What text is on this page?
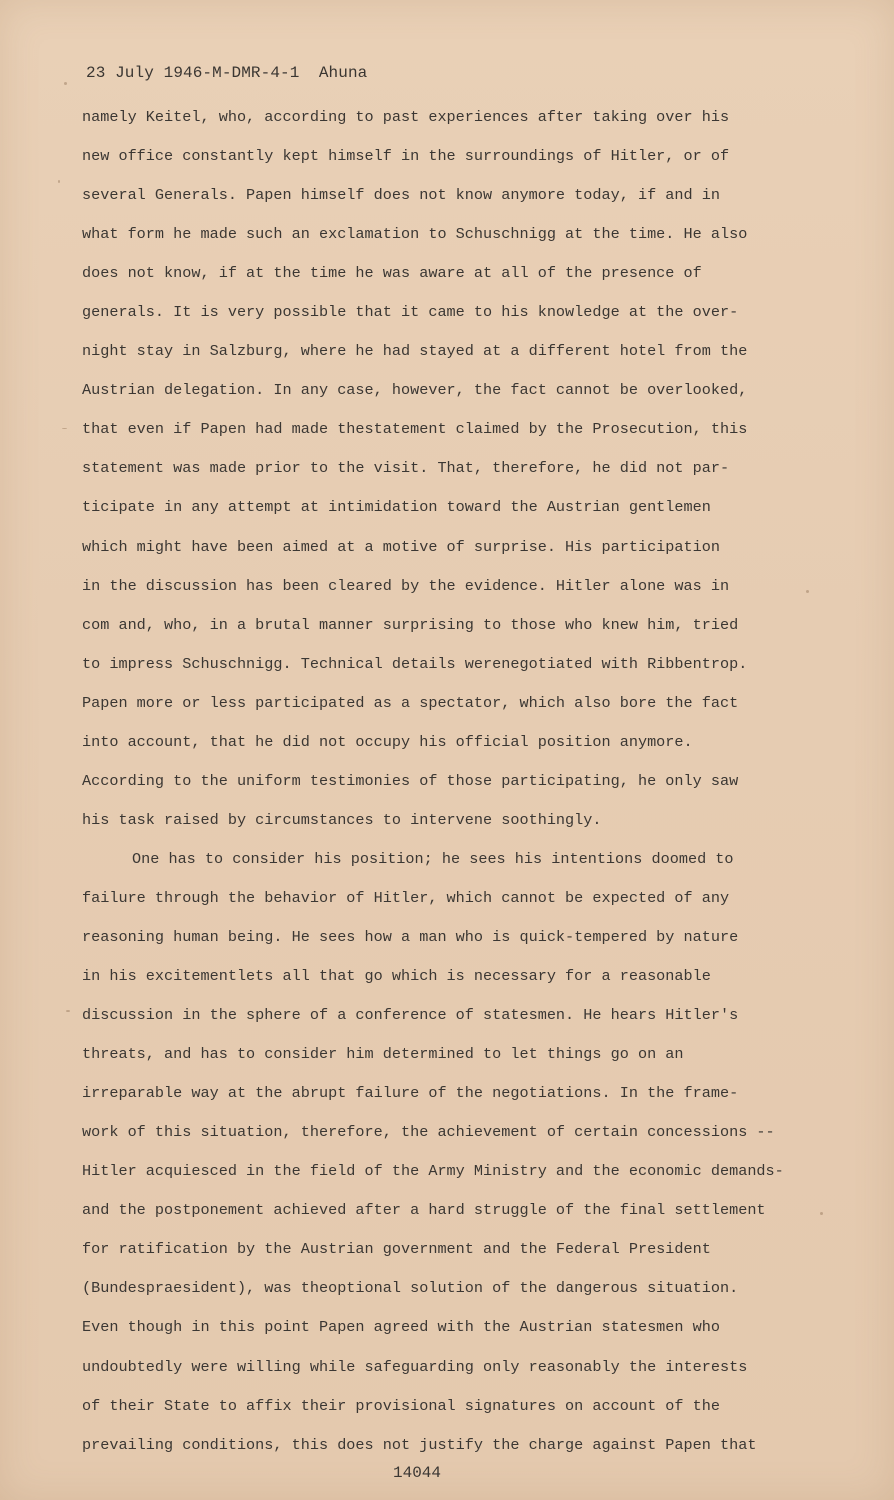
23 July 1946-M-DMR-4-1  Ahuna
namely Keitel, who, according to past experiences after taking over his
new office constantly kept himself in the surroundings of Hitler, or of
several Generals. Papen himself does not know anymore today, if and in
what form he made such an exclamation to Schuschnigg at the time. He also
does not know, if at the time he was aware at all of the presence of
generals. It is very possible that it came to his knowledge at the over-
night stay in Salzburg, where he had stayed at a different hotel from the
Austrian delegation. In any case, however, the fact cannot be overlooked,
that even if Papen had made thestatement claimed by the Prosecution, this
statement was made prior to the visit. That, therefore, he did not par-
ticipate in any attempt at intimidation toward the Austrian gentlemen
which might have been aimed at a motive of surprise. His participation
in the discussion has been cleared by the evidence. Hitler alone was in
com and, who, in a brutal manner surprising to those who knew him, tried
to impress Schuschnigg. Technical details werenegotiated with Ribbentrop.
Papen more or less participated as a spectator, which also bore the fact
into account, that he did not occupy his official position anymore.
According to the uniform testimonies of those participating, he only saw
his task raised by circumstances to intervene soothingly.
One has to consider his position; he sees his intentions doomed to
failure through the behavior of Hitler, which cannot be expected of any
reasoning human being. He sees how a man who is quick-tempered by nature
in his excitementlets all that go which is necessary for a reasonable
discussion in the sphere of a conference of statesmen. He hears Hitler's
threats, and has to consider him determined to let things go on an
irreparable way at the abrupt failure of the negotiations. In the frame-
work of this situation, therefore, the achievement of certain concessions --
Hitler acquiesced in the field of the Army Ministry and the economic demands-
and the postponement achieved after a hard struggle of the final settlement
for ratification by the Austrian government and the Federal President
(Bundespraesident), was theoptional solution of the dangerous situation.
Even though in this point Papen agreed with the Austrian statesmen who
undoubtedly were willing while safeguarding only reasonably the interests
of their State to affix their provisional signatures on account of the
prevailing conditions, this does not justify the charge against Papen that
14044
